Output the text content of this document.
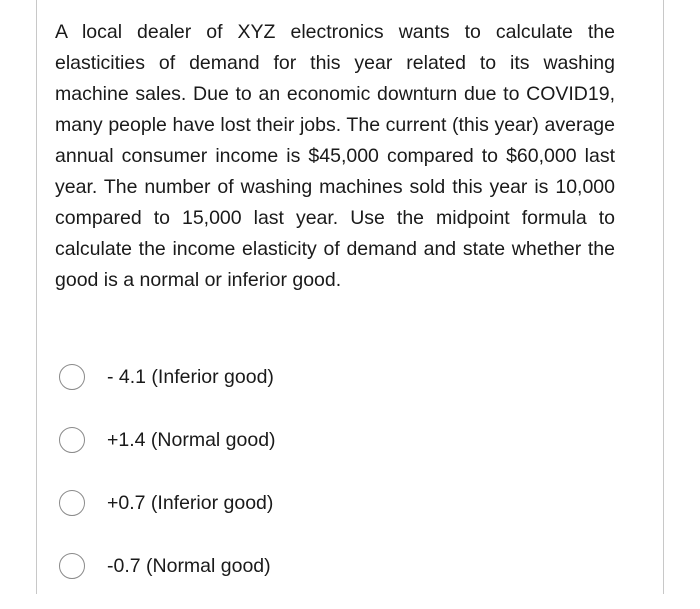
A local dealer of XYZ electronics wants to calculate the elasticities of demand for this year related to its washing machine sales. Due to an economic downturn due to COVID19, many people have lost their jobs. The current (this year) average annual consumer income is $45,000 compared to $60,000 last year. The number of washing machines sold this year is 10,000 compared to 15,000 last year. Use the midpoint formula to calculate the income elasticity of demand and state whether the good is a normal or inferior good.

- 4.1 (Inferior good)
+1.4 (Normal good)
+0.7 (Inferior good)
-0.7 (Normal good)
